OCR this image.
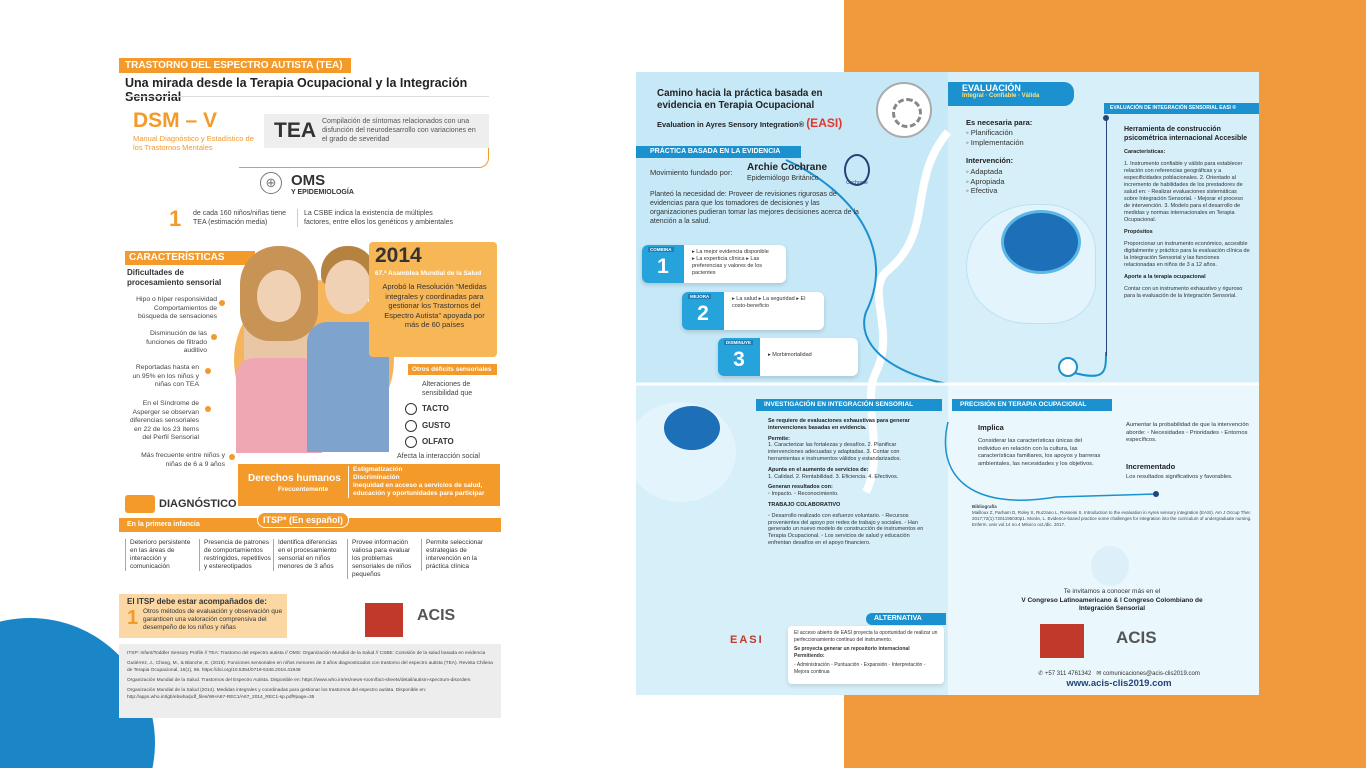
TRASTORNO DEL ESPECTRO AUTISTA (TEA)
Una mirada desde la Terapia Ocupacional y la Integración Sensorial
DSM – V
Manual Diagnóstico y Estadístico de los Trastornos Mentales
TEA Compilación de síntomas relacionados con una disfunción del neurodesarrollo con variaciones en el grado de severidad
⊕ OMS
Y EPIDEMIOLOGÍA
1 de cada 160 niños/niñas tiene TEA (estimación media)
La CSBE indica la existencia de múltiples factores, entre ellos los genéticos y ambientales
CARACTERÍSTICAS
Dificultades de procesamiento sensorial
Hipo o híper responsividad Comportamientos de búsqueda de sensaciones
Disminución de las funciones de filtrado auditivo
Reportadas hasta en un 95% en los niños y niñas con TEA
En el Síndrome de Asperger se observan diferencias sensoriales en 22 de los 23 ítems del Perfil Sensorial
Más frecuente entre niños y niñas de 6 a 9 años
2014
67.ª Asamblea Mundial de la Salud
Aprobó la Resolución “Medidas integrales y coordinadas para gestionar los Trastornos del Espectro Autista” apoyada por más de 60 países
Otros déficits sensoriales
Alteraciones de sensibilidad que
TACTO
GUSTO
OLFATO
Afecta la interacción social
Derechos humanos
Frecuentemente
Estigmatización
Discriminación
Inequidad en acceso a servicios de salud, educación y oportunidades para participar
DIAGNÓSTICO
En la primera infancia	ITSP* (En español)
Deterioro persistente en las áreas de interacción y comunicación
Presencia de patrones de comportamientos restringidos, repetitivos y estereotipados
Identifica diferencias en el procesamiento sensorial en niños menores de 3 años
Provee información valiosa para evaluar los problemas sensoriales de niños pequeños
Permite seleccionar estrategias de intervención en la práctica clínica
El ITSP debe estar acompañados de:
1 Otros métodos de evaluación y observación que garanticen una valoración comprensiva del desempeño de los niños y niñas
ACIS

ITSP: Infant/Toddler Sensory Profile // TEA: Trastorno del espectro autista // OMS: Organización Mundial de la Salud // CSBE: Comisión de la salud basada en evidencia

Gutiérrez, J., Chang, M., & Blanche, E. (2016). Funciones sensoriales en niños menores de 3 años diagnosticados con trastorno del espectro autista (TEA). Revista Chilena de Terapia Ocupacional, 16(1), 86. https://doi.org/10.5354/0719-5346.2016.41948

Organización Mundial de la Salud. Trastornos del Espectro Autista. Disponible en: https://www.who.int/es/news-room/fact-sheets/detail/autism-spectrum-disorders

Organización Mundial de la Salud (2014). Medidas integrales y coordinadas para gestionar los trastornos del espectro autista. Disponible en: http://apps.who.int/gb/ebwha/pdf_files/WHA67-REC1/A67_2014_REC1-sp.pdf#page=35

Camino hacia la práctica basada en evidencia en Terapia Ocupacional
Evaluation in Ayres Sensory Integration® (EASI)
PRÁCTICA BASADA EN LA EVIDENCIA
Movimiento fundado por: Archie Cochrane
Epidemiólogo Británico
Cochrane
Planteó la necesidad de: Proveer de revisiones rigurosas de evidencias para que los tomadores de decisiones y las organizaciones pudieran tomar las mejores decisiones acerca de la atención a la salud.
1
COMBINA	▸ La mejor evidencia disponible ▸ La experticia clínica ▸ Las preferencias y valores de los pacientes
2
MEJORA	▸ La salud ▸ La seguridad ▸ El costo-beneficio
3
DISMINUYE
▸ Morbimortalidad
EVALUACIÓN
Integral · Confiable · Válida
Es necesaria para:
◦ Planificación
◦ Implementación
Intervención:
◦ Adaptada
◦ Apropiada
◦ Efectiva
EVALUACIÓN DE INTEGRACIÓN SENSORIAL EASI ®
Herramienta de construcción psicométrica internacional Accesible

Características:

1. Instrumento confiable y válido para establecer relación con referencias geográficas y a especificidades poblacionales. 2. Orientado al incremento de habilidades de los prestadores de salud en: ◦ Realizar evaluaciones sistemáticas sobre Integración Sensorial. ◦ Mejorar el proceso de intervención. 3. Modelo para el desarrollo de medidas y normas internacionales en Terapia Ocupacional.

Propósitos

Proporcionar un instrumento económico, accesible digitalmente y práctico para la evaluación clínica de la Integración Sensorial y las funciones relacionadas en niños de 3 a 12 años.

Aporte a la terapia ocupacional

Contar con un instrumento exhaustivo y riguroso para la evaluación de la Integración Sensorial.

INVESTIGACIÓN EN INTEGRACIÓN SENSORIAL

Se requiere de evaluaciones exhaustivas para generar intervenciones basadas en evidencia.

Permite:
1. Caracterizar las fortalezas y desafíos. 2. Planificar intervenciones adecuadas y adaptadas. 3. Contar con herramientas e instrumentos válidos y estandarizados.

Apunta en el aumento de servicios de:
1. Calidad. 2. Rentabilidad. 3. Eficiencia. 4. Efectivos.

Generan resultados con:
◦ Impacto. ◦ Reconocimiento.

TRABAJO COLABORATIVO

◦ Desarrollo realizado con esfuerzo voluntario. ◦ Recursos provenientes del apoyo por redes de trabajo y sociales. ◦ Han generado un nuevo modelo de construcción de instrumentos en Terapia Ocupacional. ◦ Los servicios de salud y educación enfrentan desafíos en el apoyo financiero.

PRECISIÓN EN TERAPIA OCUPACIONAL
Implica
Considerar las características únicas del individuo en relación con la cultura, las características familiares, los apoyos y barreras ambientales, las necesidades y los objetivos.
Aumentar la probabilidad de que la intervención aborde: ◦ Necesidades ◦ Prioridades ◦ Entornos específicos.
Incrementado
Los resultados significativos y favorables.
Bibliografía
Mailloux Z, Parham D, Roley S, Ruzzano L, Rosseini S. Introduction to the evaluation in Ayres sensory integration (EASI). Am J Occup Ther. 2017;72(1):7201195030p1. Morán, L. Evidence-based practice some challenges for integration into the curriculum of undergraduate nursing. Enferm. univ vol.14 no.4 México oct./dic. 2017.
ALTERNATIVA
El acceso abierto de EASI proyecta la oportunidad de realizar un perfeccionamiento continuo del instrumento.
Se proyecta generar un repositorio internacional Permitiendo:
◦ Administración ◦ Puntuación ◦ Expansión ◦ Interpretación ◦ Mejora continua
EASI
Te invitamos a conocer más en el
V Congreso Latinoamericano & I Congreso Colombiano de Integración Sensorial
ACIS
✆ +57 311 4761342 ✉ comunicaciones@acis-clis2019.com
www.acis-clis2019.com
